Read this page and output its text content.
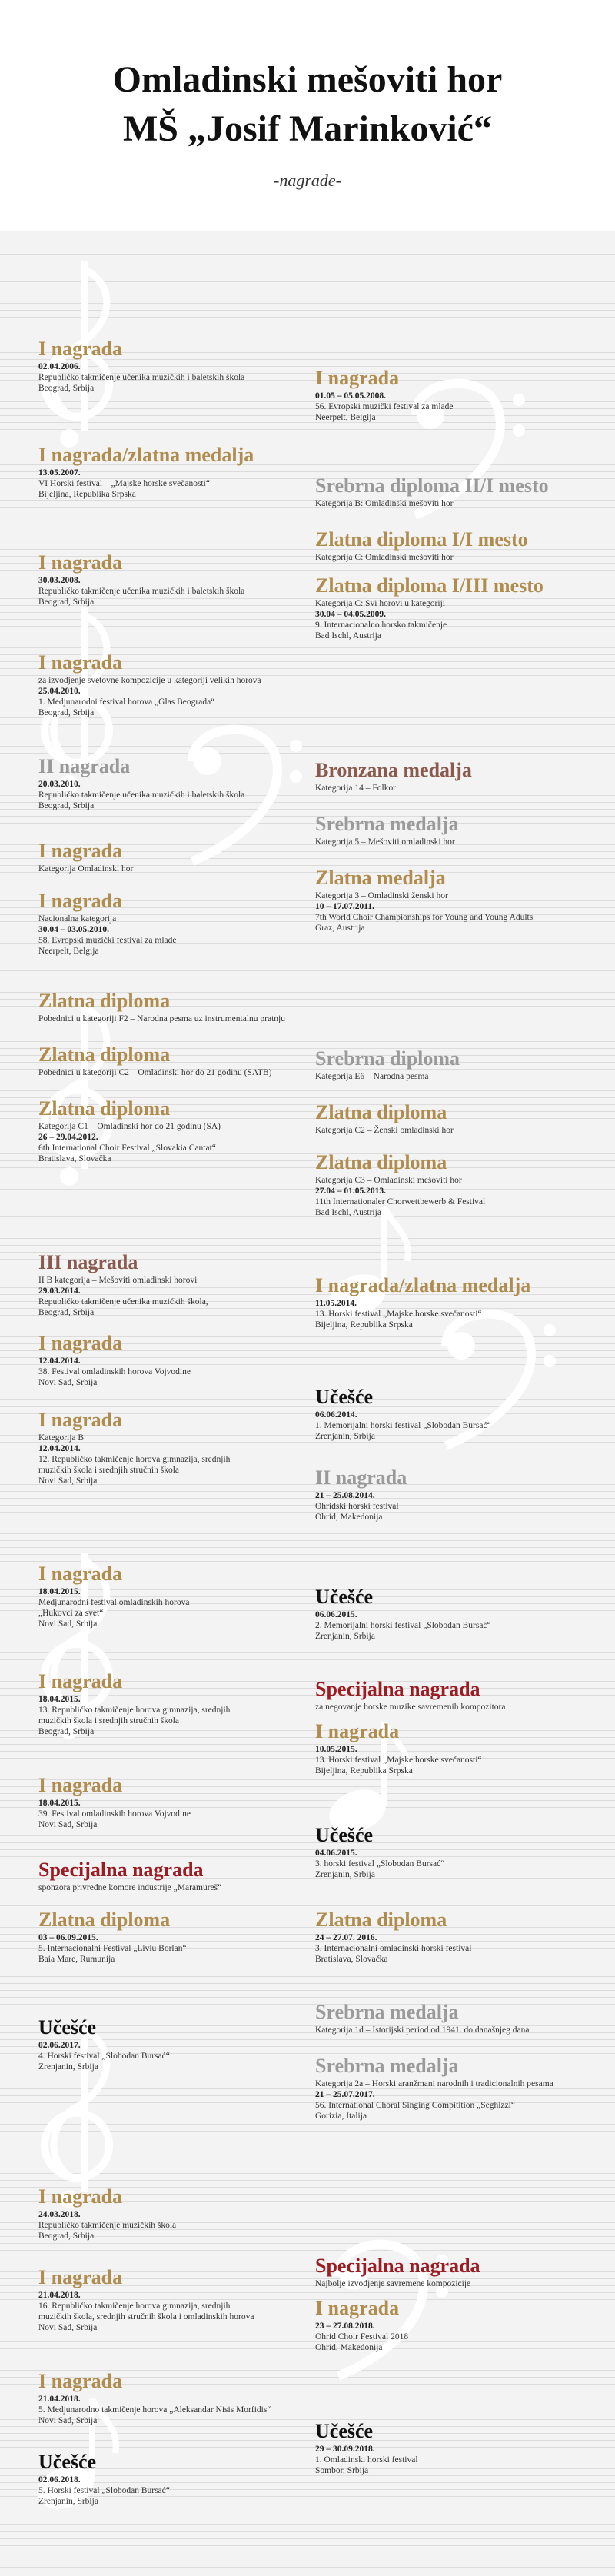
Omladinski mešoviti hor
MŠ „Josif Marinković“
-nagrade-
I nagrada
02.04.2006.
Republičko takmičenje učenika muzičkih i baletskih škola
Beograd, Srbija	I nagrada
01.05 – 05.05.2008.
56. Evropski muzički festival za mlade
Neerpelt, Belgija
I nagrada/zlatna medalja
13.05.2007.
VI Horski festival – „Majske horske svečanosti“
Bijeljina, Republika Srpska	Srebrna diploma II/I mesto
Kategorija B: Omladinski mešoviti hor
Zlatna diploma I/I mesto
Kategorija C: Omladinski mešoviti hor
I nagrada
30.03.2008.
Republičko takmičenje učenika muzičkih i baletskih škola
Beograd, Srbija
Zlatna diploma I/III mesto
Kategorija C: Svi horovi u kategoriji
30.04 – 04.05.2009.
9. Internacionalno horsko takmičenje
Bad Ischl, Austrija
I nagrada
za izvodjenje svetovne kompozicije u kategoriji velikih horova
25.04.2010.
1. Medjunarodni festival horova „Glas Beograda“
Beograd, Srbija
II nagrada
20.03.2010.
Republičko takmičenje učenika muzičkih i baletskih škola
Beograd, Srbija
Bronzana medalja
Kategorija 14 – Folkor
Srebrna medalja
Kategorija 5 – Mešoviti omladinski hor
I nagrada
Kategorija Omladinski hor	Zlatna medalja
Kategorija 3 – Omladinski ženski hor
10 – 17.07.2011.
7th World Choir Championships for Young and Young Adults
Graz, Austrija
I nagrada
Nacionalna kategorija
30.04 – 03.05.2010.
58. Evropski muzički festival za mlade
Neerpelt, Belgija
Zlatna diploma
Pobednici u kategoriji F2 – Narodna pesma uz instrumentalnu pratnju
Zlatna diploma
Pobednici u kategoriji C2 – Omladinski hor do 21 godinu (SATB)
Srebrna diploma
Kategorija E6 – Narodna pesma
Zlatna diploma
Kategorija C1 – Omladinski hor do 21 godinu (SA)
26 – 29.04.2012.
6th International Choir Festival „Slovakia Cantat“
Bratislava, Slovačka
Zlatna diploma
Kategorija C2 – Ženski omladinski hor
Zlatna diploma
Kategorija C3 – Omladinski mešoviti hor
27.04 – 01.05.2013.
11th Internationaler Chorwettbewerb & Festival
Bad Ischl, Austrija
III nagrada
II B kategorija – Mešoviti omladinski horovi
29.03.2014.
Republičko takmičenje učenika muzičkih škola,
Beograd, Srbija
I nagrada/zlatna medalja
11.05.2014.
13. Horski festival „Majske horske svečanosti“
Bijeljina, Republika Srpska
I nagrada
12.04.2014.
38. Festival omladinskih horova Vojvodine
Novi Sad, Srbija
Učešće
06.06.2014.
1. Memorijalni horski festival „Slobodan Bursać“
Zrenjanin, Srbija
I nagrada
Kategorija B
12.04.2014.
12. Republičko takmičenje horova gimnazija, srednjih
muzičkih škola i srednjih stručnih škola
Novi Sad, Srbija	II nagrada
21 – 25.08.2014.
Ohridski horski festival
Ohrid, Makedonija
I nagrada
18.04.2015.
Medjunarodni festival omladinskih horova
„Hukovci za svet“
Novi Sad, Srbija
Učešće
06.06.2015.
2. Memorijalni horski festival „Slobodan Bursać“
Zrenjanin, Srbija
I nagrada
18.04.2015.
13. Republičko takmičenje horova gimnazija, srednjih
muzičkih škola i srednjih stručnih škola
Beograd, Srbija
Specijalna nagrada
za negovanje horske muzike savremenih kompozitora
I nagrada
10.05.2015.
13. Horski festival „Majske horske svečanosti“
Bijeljina, Republika Srpska
I nagrada
18.04.2015.
39. Festival omladinskih horova Vojvodine
Novi Sad, Srbija	Učešće
04.06.2015.
3. horski festival „Slobodan Bursać“
Zrenjanin, Srbija
Specijalna nagrada
sponzora privredne komore industrije „Maramureš“
Zlatna diploma
03 – 06.09.2015.
5. Internacionalni Festival „Liviu Borlan“
Baia Mare, Rumunija
Zlatna diploma
24 – 27.07. 2016.
3. Internacionalni omladinski horski festival
Bratislava, Slovačka
Srebrna medalja
Kategorija 1d – Istorijski period od 1941. do današnjeg dana
Učešće
02.06.2017.
4. Horski festival „Slobodan Bursać“
Zrenjanin, Srbija	Srebrna medalja
Kategorija 2a – Horski aranžmani narodnih i tradicionalnih pesama
21 – 25.07.2017.
56. International Choral Singing Compitition „Seghizzi“
Gorizia, Italija
I nagrada
24.03.2018.
Republičko takmičenje muzičkih škola
Beograd, Srbija
I nagrada
21.04.2018.
16. Republičko takmičenje horova gimnazija, srednjih
muzičkih škola, srednjih stručnih škola i omladinskih horova
Novi Sad, Srbija
Specijalna nagrada
Najbolje izvodjenje savremene kompozicije
I nagrada
23 – 27.08.2018.
Ohrid Choir Festival 2018
Ohrid, Makedonija
I nagrada
21.04.2018.
5. Medjunarodno takmičenje horova „Aleksandar Nisis Morfidis“
Novi Sad, Srbija	Učešće
29 – 30.09.2018.
1. Omladinski horski festival
Sombor, Srbija
Učešće
02.06.2018.
5. Horski festival „Slobodan Bursać“
Zrenjanin, Srbija
